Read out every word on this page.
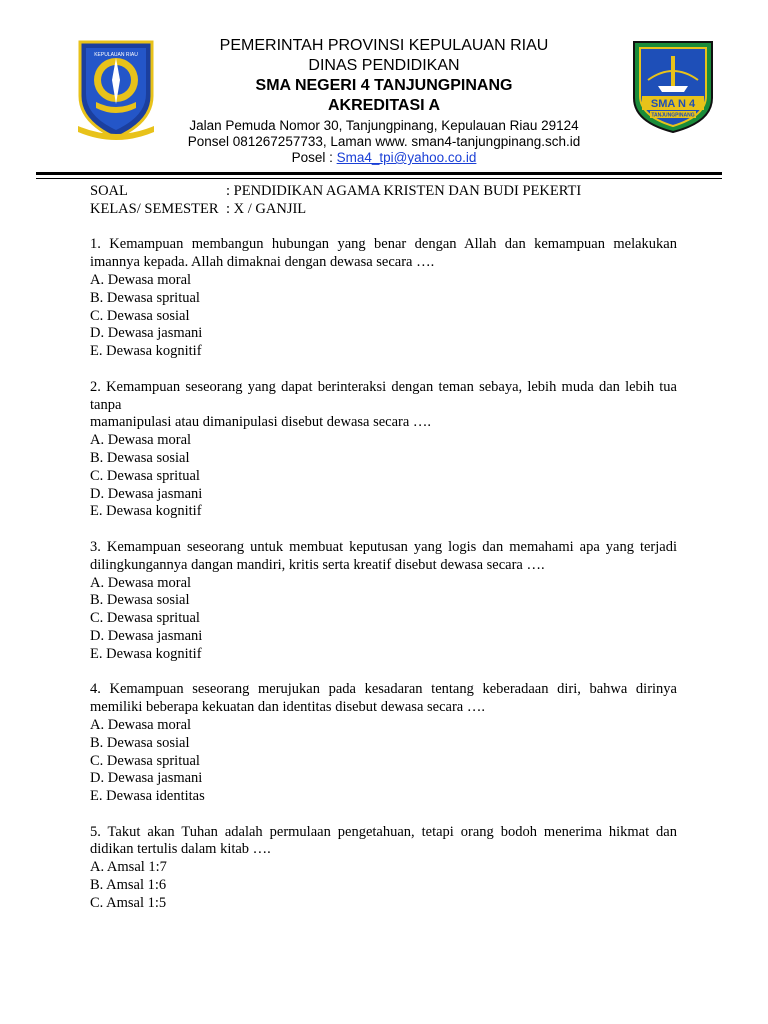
KEPULAUAN RIAU
SMA N 4
TANJUNGPINANG

PEMERINTAH PROVINSI KEPULAUAN RIAU

DINAS PENDIDIKAN

SMA NEGERI 4 TANJUNGPINANG

AKREDITASI A

Jalan Pemuda Nomor 30, Tanjungpinang, Kepulauan Riau 29124

Ponsel 081267257733, Laman www. sman4-tanjungpinang.sch.id

Posel : Sma4_tpi@yahoo.co.id

SOAL	: PENDIDIKAN AGAMA KRISTEN DAN BUDI PEKERTI
KELAS/ SEMESTER : X / GANJIL

1. Kemampuan membangun hubungan yang benar dengan Allah dan kemampuan melakukan imannya kepada. Allah dimaknai dengan dewasa secara ….

A. Dewasa moral

B. Dewasa spritual

C. Dewasa sosial

D. Dewasa jasmani

E. Dewasa kognitif

2. Kemampuan seseorang yang dapat berinteraksi dengan teman sebaya, lebih muda dan lebih tua tanpa

mamanipulasi atau dimanipulasi disebut dewasa secara ….

A. Dewasa moral

B. Dewasa sosial

C. Dewasa spritual

D. Dewasa jasmani

E. Dewasa kognitif

3. Kemampuan seseorang untuk membuat keputusan yang logis dan memahami apa yang terjadi dilingkungannya dangan mandiri, kritis serta kreatif disebut dewasa secara ….

A. Dewasa moral

B. Dewasa sosial

C. Dewasa spritual

D. Dewasa jasmani

E. Dewasa kognitif

4. Kemampuan seseorang merujukan pada kesadaran tentang keberadaan diri, bahwa dirinya memiliki beberapa kekuatan dan identitas disebut dewasa secara ….

A. Dewasa moral

B. Dewasa sosial

C. Dewasa spritual

D. Dewasa jasmani

E. Dewasa identitas

5. Takut akan Tuhan adalah permulaan pengetahuan, tetapi orang bodoh menerima hikmat dan didikan tertulis dalam kitab ….

A. Amsal 1:7

B. Amsal 1:6

C. Amsal 1:5
